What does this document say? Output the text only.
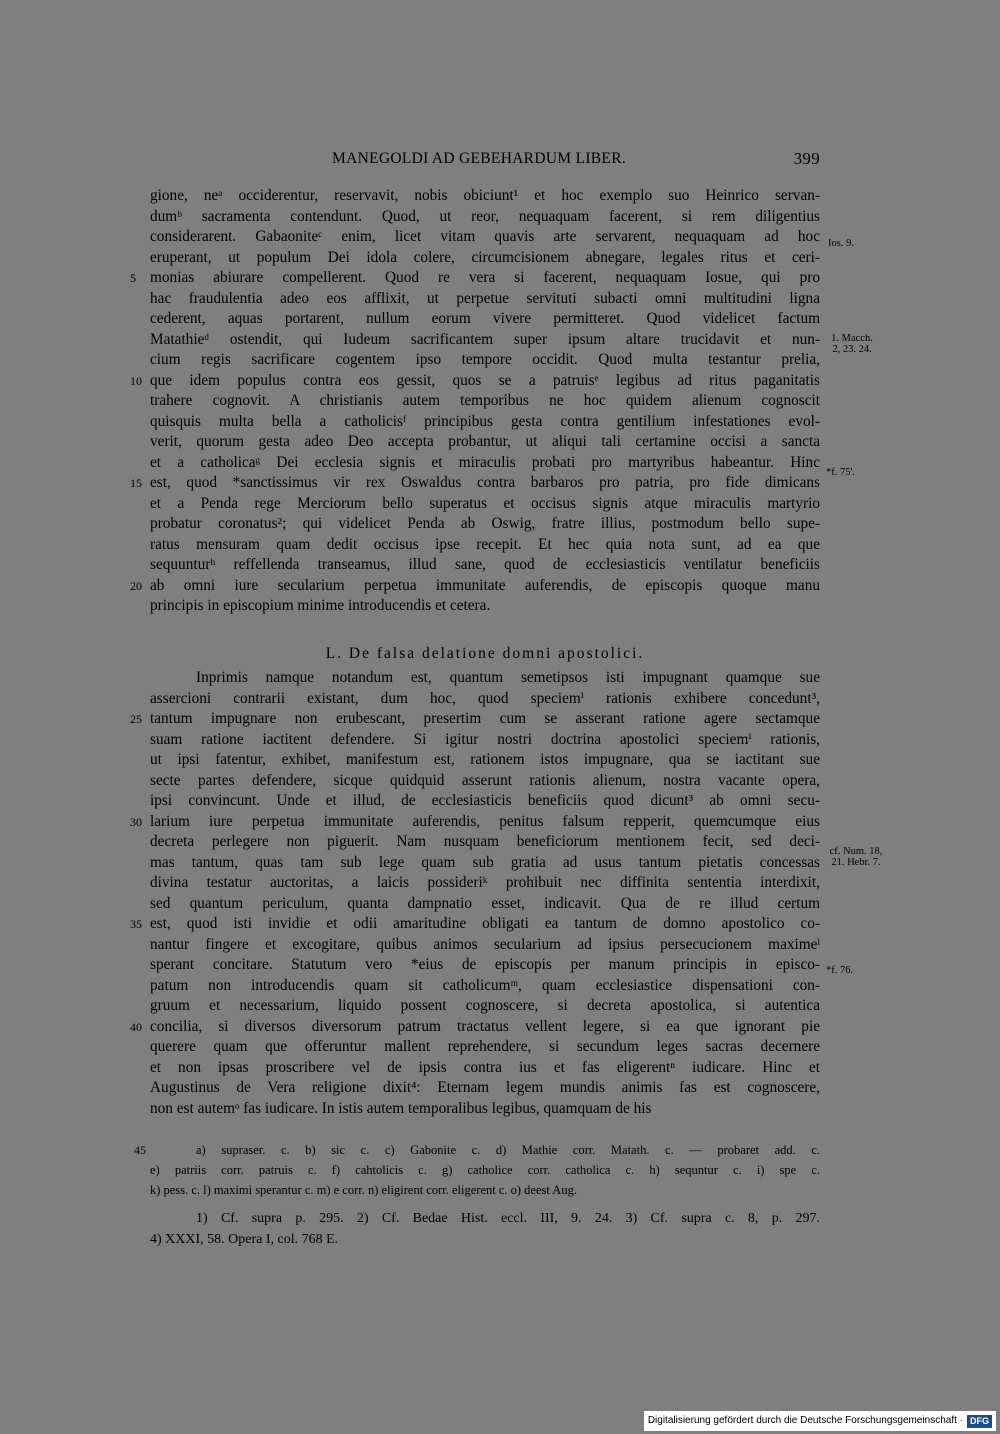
MANEGOLDI AD GEBEHARDUM LIBER.	399
gione, neᵃ occiderentur, reservavit, nobis obiciunt¹ et hoc exemplo suo Heinrico servan-
dumᵇ sacramenta contendunt. Quod, ut reor, nequaquam facerent, si rem diligentius
considerarent. Gabaoniteᶜ enim, licet vitam quavis arte servarent, nequaquam ad hoc
eruperant, ut populum Dei idola colere, circumcisionem abnegare, legales ritus et ceri-
5 monias abiurare compellerent. Quod re vera si facerent, nequaquam Iosue, qui pro
hac fraudulentia adeo eos afflixit, ut perpetue servituti subacti omni multitudini ligna
cederent, aquas portarent, nullum eorum vivere permitteret. Quod videlicet factum
Matathieᵈ ostendit, qui Iudeum sacrificantem super ipsum altare trucidavit et nun-
cium regis sacrificare cogentem ipso tempore occidit. Quod multa testantur prelia,
10 que idem populus contra eos gessit, quos se a patruisᵉ legibus ad ritus paganitatis
trahere cognovit. A christianis autem temporibus ne hoc quidem alienum cognoscit
quisquis multa bella a catholicisᶠ principibus gesta contra gentilium infestationes evol-
verit, quorum gesta adeo Deo accepta probantur, ut aliqui tali certamine occisi a sancta
et a catholicaᵍ Dei ecclesia signis et miraculis probati pro martyribus habeantur. Hinc
15 est, quod *sanctissimus vir rex Oswaldus contra barbaros pro patria, pro fide dimicans
et a Penda rege Merciorum bello superatus et occisus signis atque miraculis martyrio
probatur coronatus²; qui videlicet Penda ab Oswig, fratre illius, postmodum bello supe-
ratus mensuram quam dedit occisus ipse recepit. Et hec quia nota sunt, ad ea que
sequunturʰ reffellenda transeamus, illud sane, quod de ecclesiasticis ventilatur beneficiis
20 ab omni iure secularium perpetua immunitate auferendis, de episcopis quoque manu
principis in episcopium minime introducendis et cetera.
L. De falsa delatione domni apostolici.
Inprimis namque notandum est, quantum semetipsos isti impugnant quamque sue
assercioni contrarii existant, dum hoc, quod speciemⁱ rationis exhibere concedunt³,
25 tantum impugnare non erubescant, presertim cum se asserant ratione agere sectamque
suam ratione iactitent defendere. Si igitur nostri doctrina apostolici speciemⁱ rationis,
ut ipsi fatentur, exhibet, manifestum est, rationem istos impugnare, qua se iactitant sue
secte partes defendere, sicque quidquid asserunt rationis alienum, nostra vacante opera,
ipsi convincunt. Unde et illud, de ecclesiasticis beneficiis quod dicunt³ ab omni secu-
30 larium iure perpetua immunitate auferendis, penitus falsum repperit, quemcumque eius
decreta perlegere non piguerit. Nam nusquam beneficiorum mentionem fecit, sed deci-
mas tantum, quas tam sub lege quam sub gratia ad usus tantum pietatis concessas
divina testatur auctoritas, a laicis possideriᵏ prohibuit nec diffinita sententia interdixit,
sed quantum periculum, quanta dampnatio esset, indicavit. Qua de re illud certum
35 est, quod isti invidie et odii amaritudine obligati ea tantum de domno apostolico co-
nantur fingere et excogitare, quibus animos secularium ad ipsius persecucionem maximeˡ
sperant concitare. Statutum vero *eius de episcopis per manum principis in episco-
patum non introducendis quam sit catholicumᵐ, quam ecclesiastice dispensationi con-
gruum et necessarium, liquido possent cognoscere, si decreta apostolica, si autentica
40 concilia, si diversos diversorum patrum tractatus vellent legere, si ea que ignorant pie
querere quam que offeruntur mallent reprehendere, si secundum leges sacras decernere
et non ipsas proscribere vel de ipsis contra ius et fas eligerentⁿ iudicare. Hinc et
Augustinus de Vera religione dixit⁴: Eternam legem mundis animis fas est cognoscere,
non est autemᵒ fas iudicare. In istis autem temporalibus legibus, quamquam de his
Ios. 9.
1. Macch. 2, 23. 24.
*f. 75'.
cf. Num. 18, 21. Hebr. 7.
*f. 76.
45	a) supraser. c. b) sic c. c) Gabonite c. d) Mathie corr. Matath. c. — probaret add. c.
e) patriis corr. patruis c. f) cahtolicis c. g) catholice corr. catholica c. h) sequntur c. i) spe c.
k) pess. c. l) maximi sperantur c. m) e corr. n) eligirent corr. eligerent c. o) deest Aug.
1) Cf. supra p. 295. 2) Cf. Bedae Hist. eccl. III, 9. 24. 3) Cf. supra c. 8, p. 297.
4) XXXI, 58. Opera I, col. 768 E.
Digitalisierung gefördert durch die Deutsche Forschungsgemeinschaft · DFG
